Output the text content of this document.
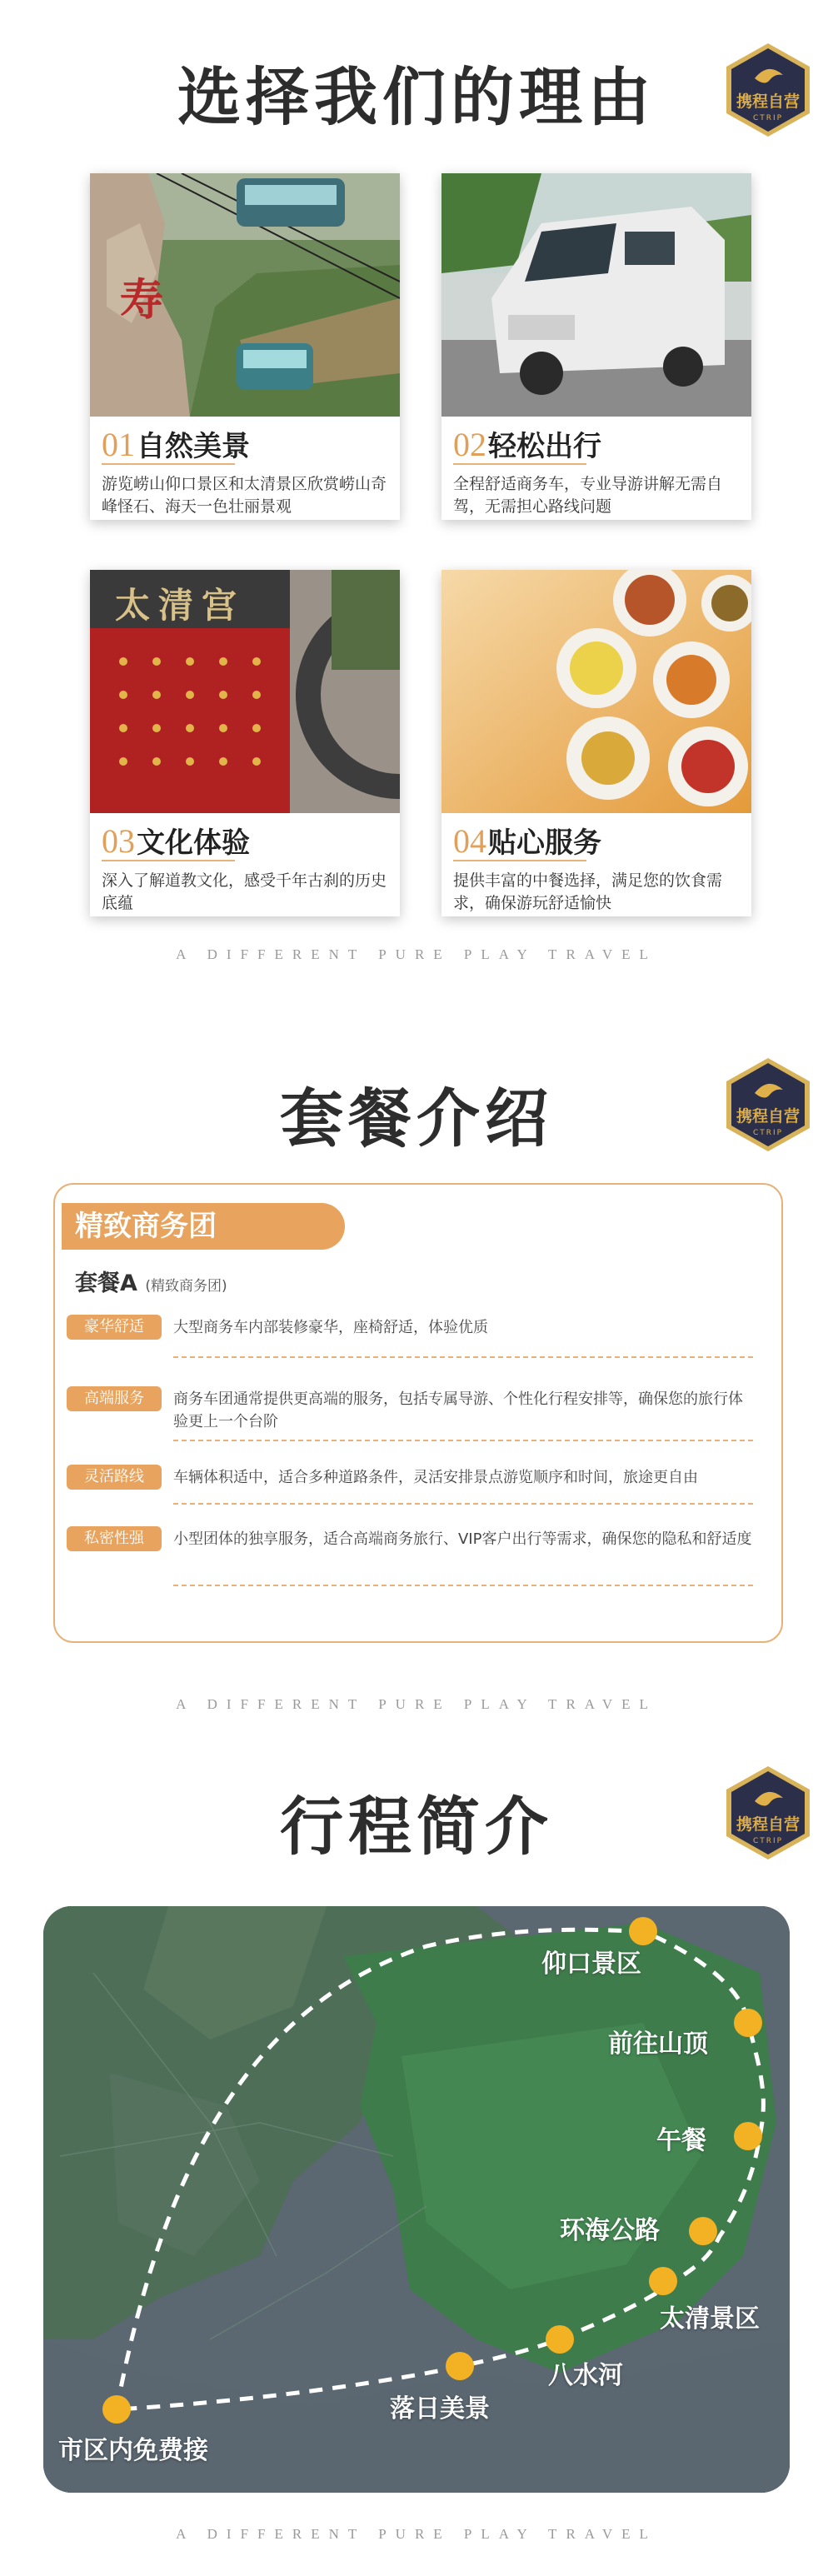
选择我们的理由	携程自营
CTRIP
寿
01自然美景
游览崂山仰口景区和太清景区欣赏崂山奇峰怪石、海天一色壮丽景观
02轻松出行
全程舒适商务车，专业导游讲解无需自驾，无需担心路线问题
太清宫
03文化体验
深入了解道教文化，感受千年古刹的历史底蕴
04贴心服务
提供丰富的中餐选择，满足您的饮食需求，确保游玩舒适愉快
A DIFFERENT PURE PLAY TRAVEL
套餐介绍	携程自营
CTRIP
精致商务团
套餐A (精致商务团)
豪华舒适	大型商务车内部装修豪华，座椅舒适，体验优质
高端服务	商务车团通常提供更高端的服务，包括专属导游、个性化行程安排等，确保您的旅行体验更上一个台阶
灵活路线	车辆体积适中，适合多种道路条件，灵活安排景点游览顺序和时间，旅途更自由
私密性强	小型团体的独享服务，适合高端商务旅行、VIP客户出行等需求，确保您的隐私和舒适度
A DIFFERENT PURE PLAY TRAVEL
行程简介	携程自营
CTRIP
仰口景区
前往山顶
午餐
环海公路
太清景区
八水河
落日美景
市区内免费接
A DIFFERENT PURE PLAY TRAVEL
